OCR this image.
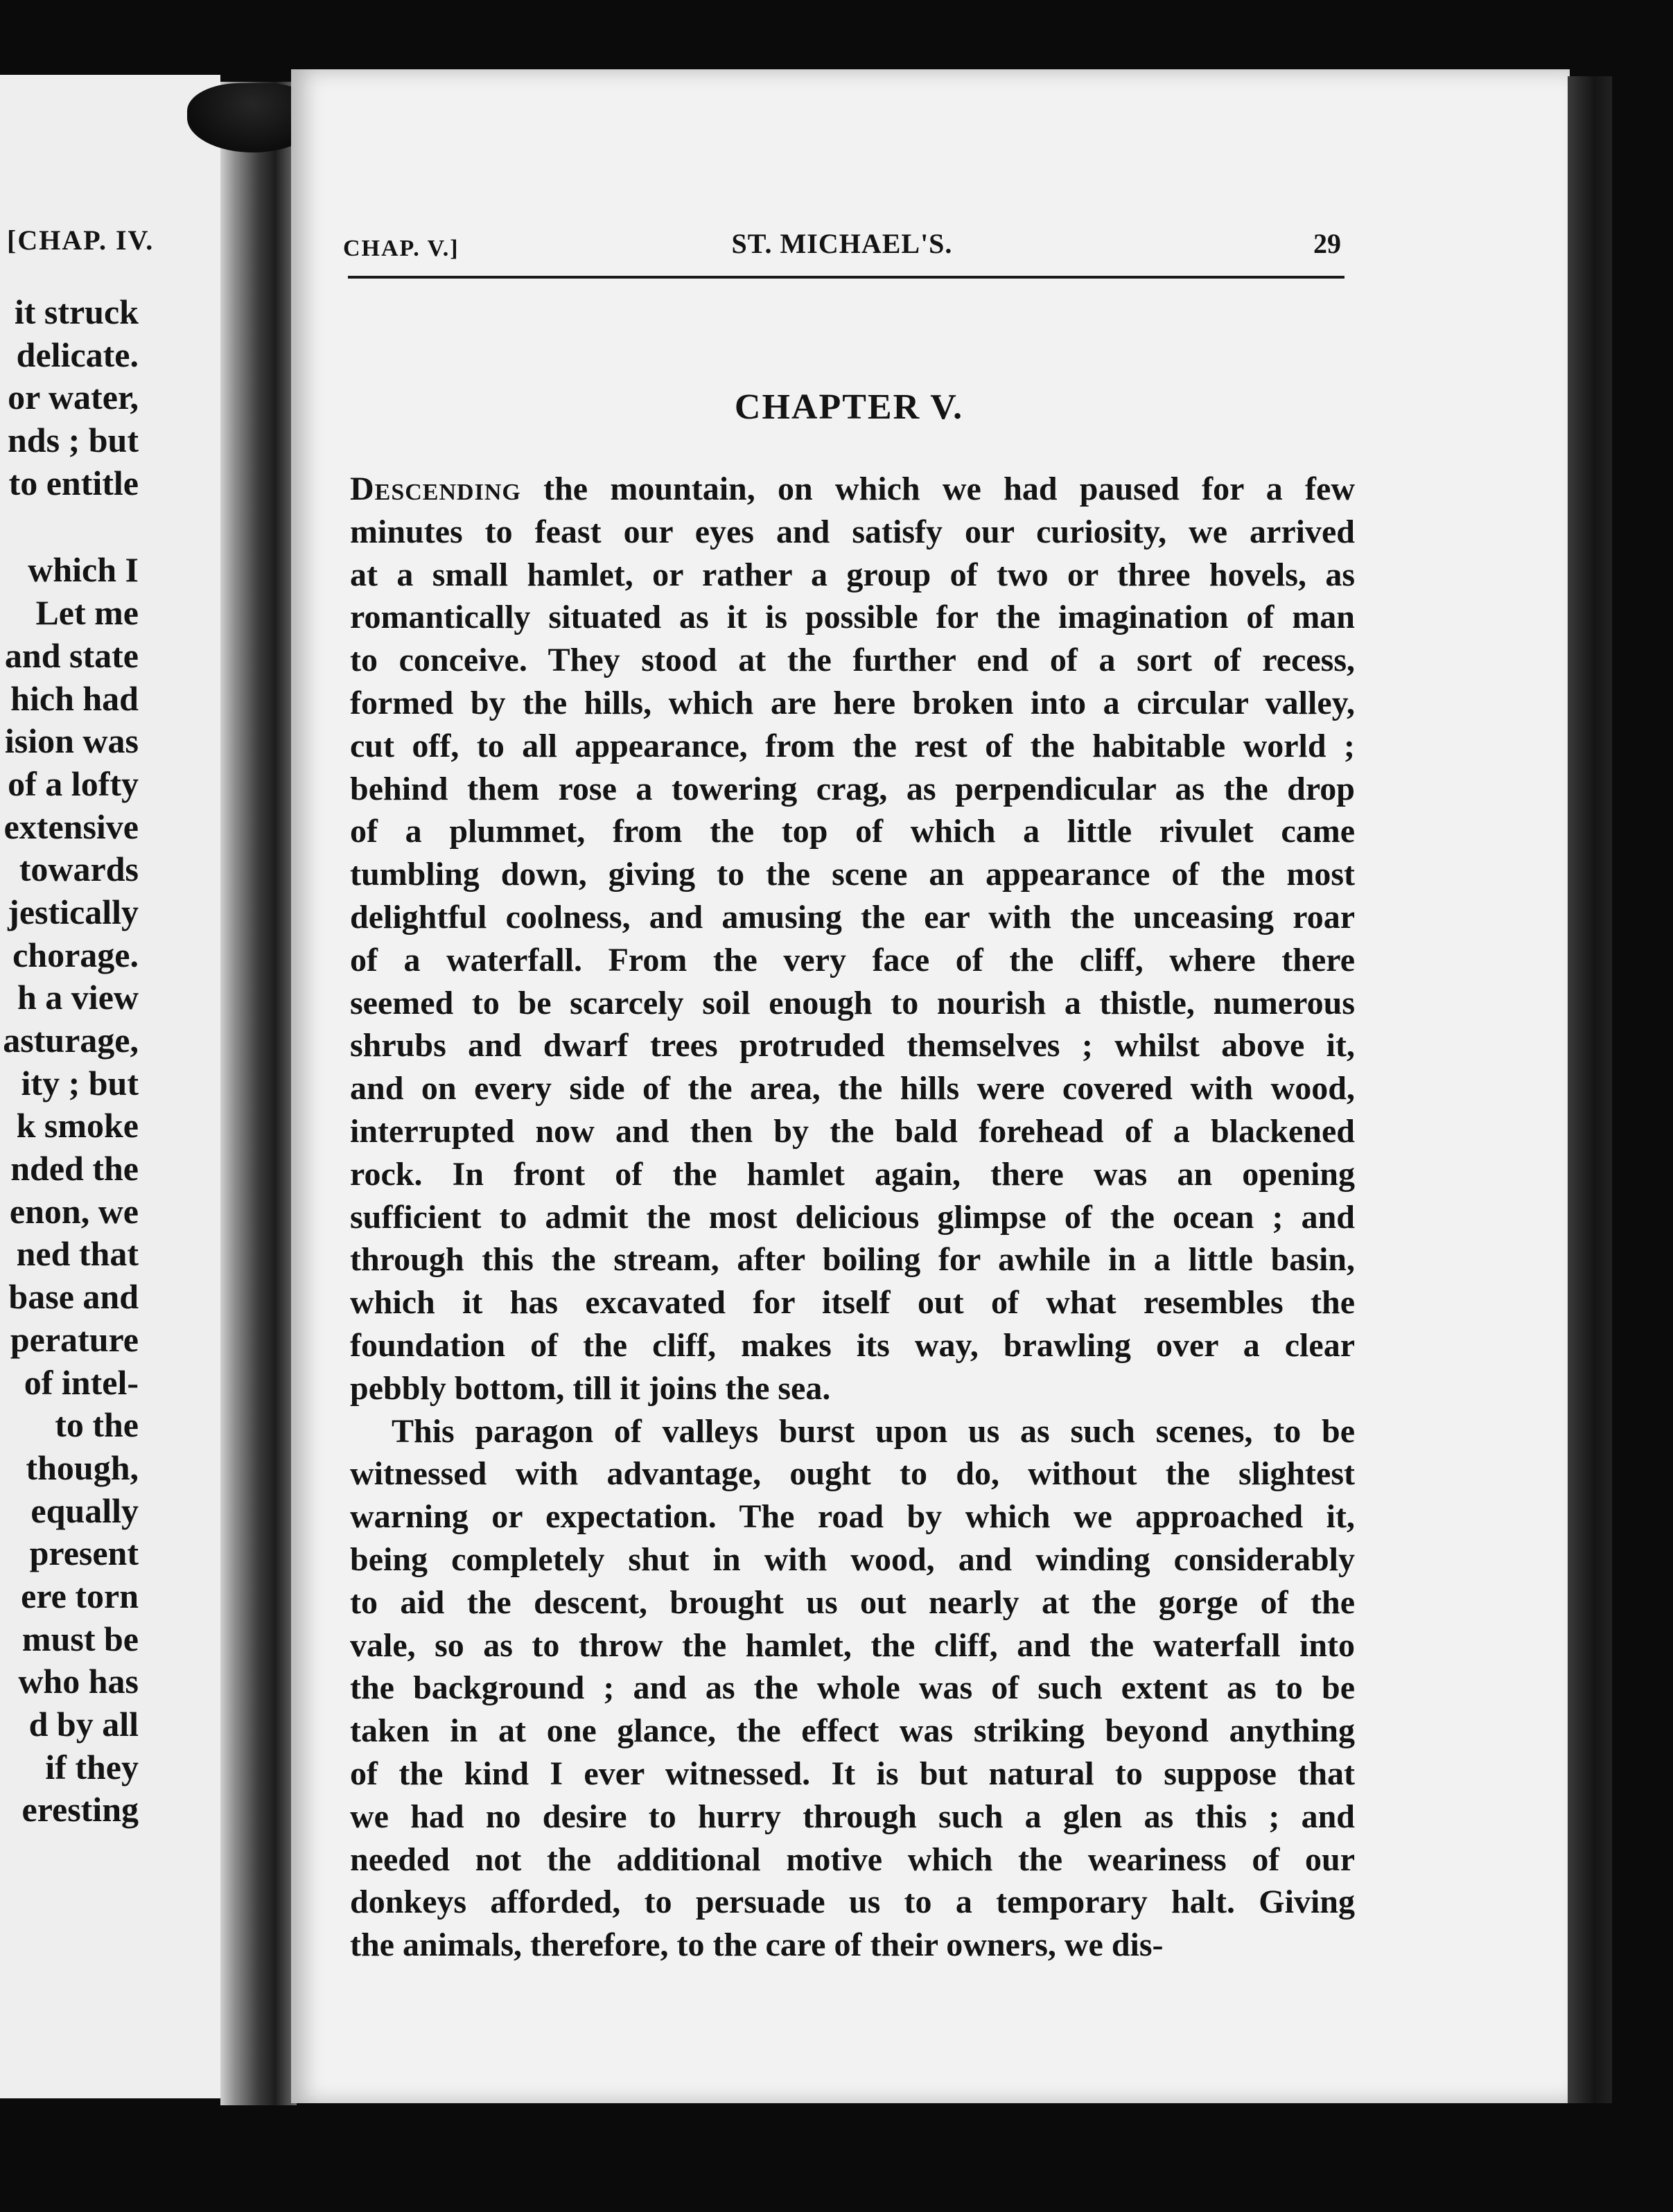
[CHAP. IV.
it struck
delicate.
or water,
nds ; but
to entitle
which I
Let me
and state
hich had
ision was
of a lofty
extensive
towards
jestically
chorage.
h a view
asturage,
ity ; but
k smoke
nded the
enon, we
ned that
base and
perature
of intel-
to the
though,
equally
present
ere torn
must be
who has
d by all
if they
eresting
CHAP. V.]	ST. MICHAEL'S.	29
CHAPTER V.
Descending the mountain, on which we had paused for a few
minutes to feast our eyes and satisfy our curiosity, we arrived
at a small hamlet, or rather a group of two or three hovels, as
romantically situated as it is possible for the imagination of man
to conceive. They stood at the further end of a sort of recess,
formed by the hills, which are here broken into a circular valley,
cut off, to all appearance, from the rest of the habitable world ;
behind them rose a towering crag, as perpendicular as the drop
of a plummet, from the top of which a little rivulet came
tumbling down, giving to the scene an appearance of the most
delightful coolness, and amusing the ear with the unceasing roar
of a waterfall. From the very face of the cliff, where there
seemed to be scarcely soil enough to nourish a thistle, numerous
shrubs and dwarf trees protruded themselves ; whilst above it,
and on every side of the area, the hills were covered with wood,
interrupted now and then by the bald forehead of a blackened
rock. In front of the hamlet again, there was an opening
sufficient to admit the most delicious glimpse of the ocean ; and
through this the stream, after boiling for awhile in a little basin,
which it has excavated for itself out of what resembles the
foundation of the cliff, makes its way, brawling over a clear
pebbly bottom, till it joins the sea.
This paragon of valleys burst upon us as such scenes, to be
witnessed with advantage, ought to do, without the slightest
warning or expectation. The road by which we approached it,
being completely shut in with wood, and winding considerably
to aid the descent, brought us out nearly at the gorge of the
vale, so as to throw the hamlet, the cliff, and the waterfall into
the background ; and as the whole was of such extent as to be
taken in at one glance, the effect was striking beyond anything
of the kind I ever witnessed. It is but natural to suppose that
we had no desire to hurry through such a glen as this ; and
needed not the additional motive which the weariness of our
donkeys afforded, to persuade us to a temporary halt. Giving
the animals, therefore, to the care of their owners, we dis-
